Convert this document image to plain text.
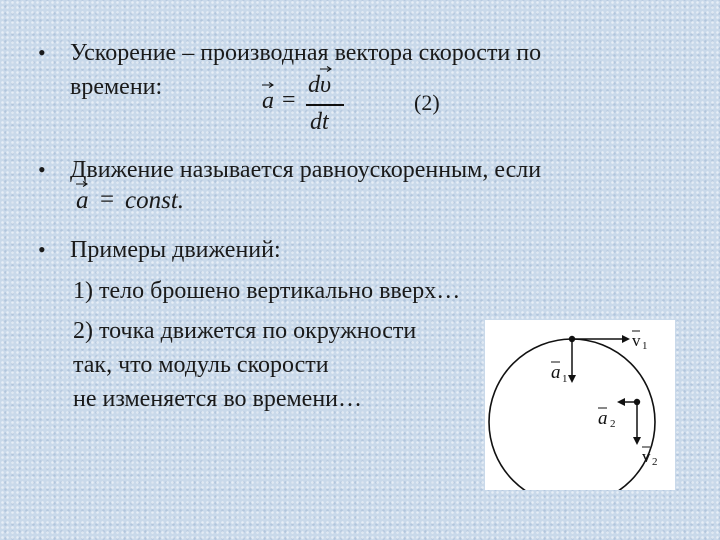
• Ускорение – производная вектора скорости по
времени:
a =
dυ
dt
(2)
• Движение называется равноускоренным, если
a = const.
• Примеры движений:
1) тело брошено вертикально вверх…
2) точка движется по окружности
так, что модуль скорости
не изменяется во времени…
v 1
a 1
a 2
v 2
